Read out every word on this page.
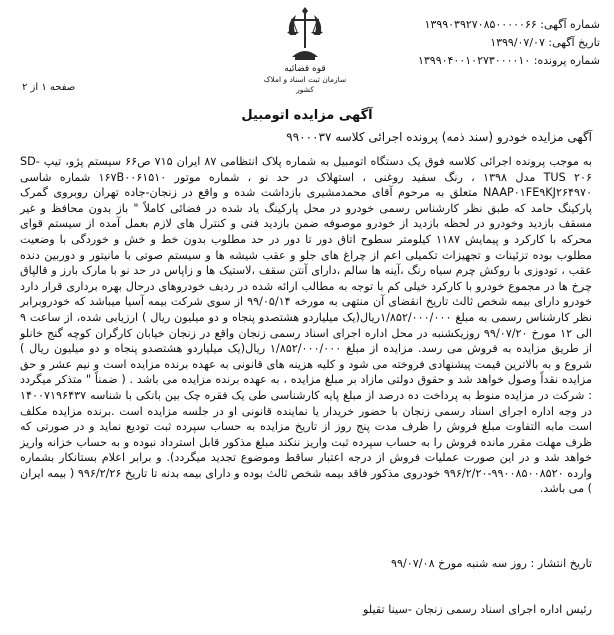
قوه قضائیه
سازمان ثبت اسناد و املاک کشور
شماره آگهی: ۱۳۹۹۰۳۹۲۷۰۸۵۰۰۰۰۰۶۶
تاریخ آگهی: ۱۳۹۹/۰۷/۰۷
شماره پرونده: ۱۳۹۹۰۴۰۰۱۰۲۷۳۰۰۰۰۱۰
صفحه ۱ از ۲
آگهی مزایده اتومبیل
آگهی مزایده خودرو (سند ذمه) پرونده اجرائی کلاسه ۹۹۰۰۰۳۷

به موجب پرونده اجرائی کلاسه فوق یک دستگاه اتومبیل به شماره پلاک انتظامی ۸۷ ایران ۷۱۵ ص۶۶ سیستم پژو، تیپ SD-TUS ۲۰۶ مدل ۱۳۹۸ ، رنگ سفید روغنی ، استهلاک در حد نو ، شماره موتور ۱۶۷B۰۰۶۱۵۱۰ شماره شاسی NAAP۰۱FE۹KJ۲۶۴۹۷۰ متعلق به مرحوم آقای محمدمشیری بازداشت شده و واقع در زنجان-جاده تهران روبروی گمرک پارکینگ حامد که طبق نظر کارشناس رسمی خودرو در محل پارکینگ یاد شده در فضائی کاملاً " باز بدون محافظ و غیر مسقف بازدید وخودرو در لحظه بازدید از خودرو موصوفه ضمن بازدید فنی و کنترل های لازم بعمل آمده از سیستم قوای محرکه با کارکرد و پیمایش ۱۱۸۷ کیلومتر سطوح اتاق دور تا دور در حد مطلوب بدون خط و خش و خوردگی با وضعیت مطلوب بوده تزئینات و تجهیزات تکمیلی اعم از چراغ های جلو و عقب شیشه ها و سیستم صوتی با مانیتور و دوربین دنده عقب ، تودوزی با روکش چرم سیاه رنگ ،آینه ها سالم ،دارای آنتن سقف ،لاستیک ها و زاپاس در حد نو با مارک بارز و قالپاق چرخ ها در مجموع خودرو با کارکرد خیلی کم با توجه به مطالب ارائه شده در ردیف خودروهای درحال بهره برداری قرار دارد خودرو دارای بیمه شخص ثالث تاریخ انقضای آن منتهی به مورخه ۹۹/۰۵/۱۴ از سوی شرکت بیمه آسیا میباشد که خودروبرابر نظر کارشناس رسمی به مبلغ ۱/۸۵۲/۰۰۰/۰۰۰ریال(یک میلیاردو هشتصدو پنجاه و دو میلیون ریال ) ارزیابی شده، از ساعت ۹ الی ۱۲ مورخ ۹۹/۰۷/۲۰ روزیکشنبه در محل اداره اجرای اسناد رسمی زنجان واقع در زنجان خیابان کارگران کوچه گنج خانلو از طریق مزایده به فروش می رسد. مزایده از مبلغ ۱/۸۵۲/۰۰۰/۰۰۰ ریال(یک میلیاردو هشتصدو پنجاه و دو میلیون ریال ) شروع و به بالاترین قیمت پیشنهادی فروخته می شود و کلیه هزینه های قانونی به عهده برنده مزایده است و نیم عشر و حق مزایده نقداً وصول خواهد شد و حقوق دولتی مازاد بر مبلغ مزایده ، به عهده برنده مزایده می باشد . ( ضمناً " متذکر میگردد : شرکت در مزایده منوط به پرداخت ده درصد از مبلغ پایه کارشناسی طی یک فقره چک بین بانکی با شناسه ۱۴۰۰۷۱۹۶۴۳۷ در وجه اداره اجرای اسناد رسمی زنجان با حضور خریدار یا نماینده قانونی او در جلسه مزایده است .برنده مزایده مکلف است مابه التفاوت مبلغ فروش را ظرف مدت پنج روز از تاریخ مزایده به حساب سپرده ثبت تودیع نماید و در صورتی که ظرف مهلت مقرر مانده فروش را به حساب سپرده ثبت واریز ننکند مبلغ مذکور قابل استرداد نبوده و به حساب خزانه واریز خواهد شد و در این صورت عملیات فروش از درجه اعتبار ساقط وموضوع تجدید میگردد). و برابر اعلام بستانکار بشماره وارده ۹۹۰۰۸۵۰۰۸۵۲۰-۹۹۶/۲/۲۰ خودروی مذکور فاقد بیمه شخص ثالث بوده و دارای بیمه بدنه تا تاریخ ۹۹۶/۲/۲۶ ( بیمه ایران ) می باشد.

تاریخ انتشار : روز سه شنبه مورخ ۹۹/۰۷/۰۸
رئیس اداره اجرای اسناد رسمی زنجان -سینا تقیلو
